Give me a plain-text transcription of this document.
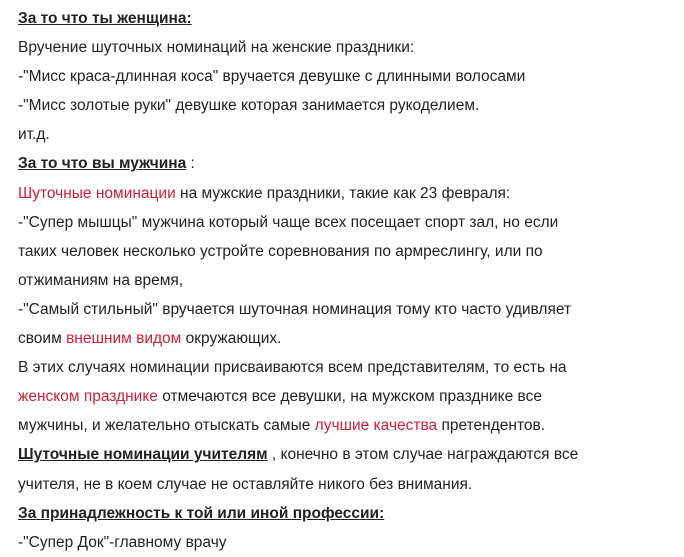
За то что ты женщина:

Вручение шуточных номинаций на женские праздники:

-"Мисс краса-длинная коса" вручается девушке с длинными волосами

-"Мисс золотые руки" девушке которая занимается рукоделием.

ит.д.

За то что вы мужчина :

Шуточные номинации на мужские праздники, такие как 23 февраля:

-"Супер мышцы" мужчина который чаще всех посещает спорт зал, но если

таких человек несколько устройте соревнования по армреслингу, или по

отжиманиям на время,

-"Самый стильный" вручается шуточная номинация тому кто часто удивляет

своим внешним видом окружающих.

В этих случаях номинации присваиваются всем представителям, то есть на

женском празднике отмечаются все девушки, на мужском празднике все

мужчины, и желательно отыскать самые лучшие качества претендентов.

Шуточные номинации учителям , конечно в этом случае награждаются все

учителя, не в коем случае не оставляйте никого без внимания.

За принадлежность к той или иной профессии:

-"Супер Док"-главному врачу
